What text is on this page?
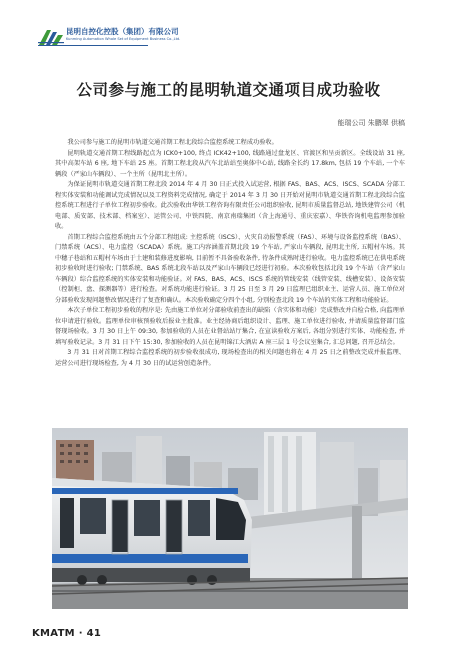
昆明自控化控股（集团）有限公司
Kunming Automation Whole Set of Equipment Business Co.,Ltd.
公司参与施工的昆明轨道交通项目成功验收
能瑞公司 朱鹏翠 供稿

我公司参与施工的昆明市轨道交通首期工程北段综合监控系统工程成功验收。

昆明轨道交通首期工程线路起点为 ICK0+100, 终点 ICK42+100, 线路通过盘龙区、官渡区和呈贡新区。全线设站 31 座, 其中高架车站 6 座, 地下车站 25 座。首期工程北段从汽车北站站至奥体中心站, 线路全长约 17.8km, 包括 19 个车站, 一个车辆段（严家山车辆段）、一个主所（昆明北主所）。

为保证昆明市轨道交通首期工程北段 2014 年 4 月 30 日正式投入试运营, 根据 FAS、BAS、ACS、ISCS、SCADA 分部工程实体安装和功能调试完成情况以及工程资料完成情况, 确定于 2014 年 3 月 30 日开始对昆明市轨道交通首期工程北段综合监控系统工程进行子单位工程初步验收。此次验收由华铁工程咨询有限责任公司组织验收, 昆明市质量监督总站, 地铁建管公司（机电部、质安部、技术部、档案室）、运管公司、中铁四院、南京南瑞集团（含上海通号、重庆宏嘉）、华铁咨询机电监理参加验收。

首期工程综合监控系统由五个分部工程组成: 主控系统（ISCS）、火灾自动报警系统（FAS）、环境与设备监控系统（BAS）、门禁系统（ACS）、电力监控（SCADA）系统。施工内容涵盖首期北段 19 个车站, 严家山车辆段, 昆明北主所, 五帽村车场。其中穗子巷站和五帽村车场由于土建和装修进度影响, 目前暂不具备验收条件, 待条件成熟时进行验收。电力监控系统已在供电系统初步验收时进行验收; 门禁系统、BAS 系统北段车站以及严家山车辆段已经进行初验。本次验收包括北段 19 个车站（含严家山车辆段）综合监控系统的实体安装和功能验证。对 FAS、BAS、ACS、ISCS 系统的管线安装（线管安装、线槽安装）、设备安装（控制柜、盘、探测器等）进行检查。对系统功能进行验证。3 月 25 日至 3 月 29 日监理已组织业主、运营人员、施工单位对分部验收发现问题整改情况进行了复查和确认。本次验收确定分四个小组, 分别检查北段 19 个车站的实体工程和功能验证。

本次子单位工程初步验收的程序是: 先由施工单位对分部验收前查出的缺陷（含实体和功能）完成整改并自检合格, 向监理单位申请进行验收。监理单位审核预验收后报业主批准。业主经协商后组织设计、监理、施工单位进行验收, 并请质量监督部门监督现场验收。3 月 30 日上午 09:30, 参加验收的人员在业督站站厅集合, 在宣读验收方案后, 各组分别进行实体、功能检查, 并填写验收记录。3 月 31 日下午 15:30, 参加验收的人员在昆明锦江大酒店 A 座三层 1 号会议室集合, 汇总问题, 召开总结会。

3 月 31 日对首期工程综合监控系统的初步验收很成功, 现场检查出的相关问题也将在 4 月 25 日之前整改完成并报监理、运营公司进行现场检查, 为 4 月 30 日的试运营创造条件。

KMATM · 41
